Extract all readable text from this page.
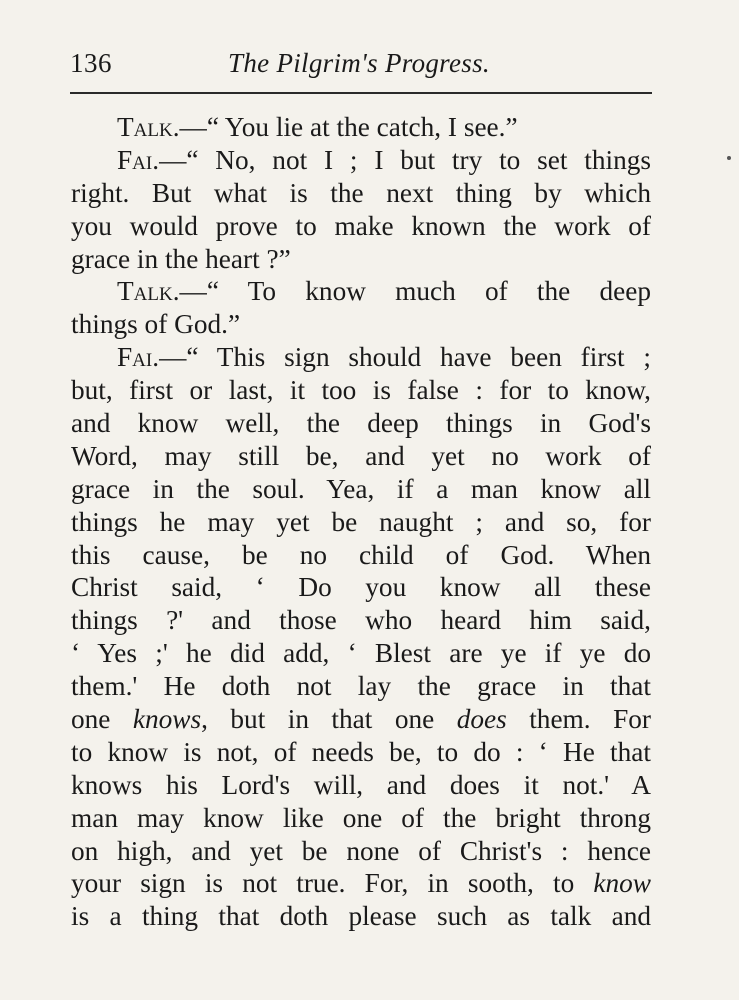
136	The Pilgrim's Progress.
Talk.—“ You lie at the catch, I see.”
Fai.—“ No, not I ; I but try to set things
right. But what is the next thing by which
you would prove to make known the work of
grace in the heart ?”
Talk.—“ To know much of the deep
things of God.”
Fai.—“ This sign should have been first ;
but, first or last, it too is false : for to know,
and know well, the deep things in God's
Word, may still be, and yet no work of
grace in the soul. Yea, if a man know all
things he may yet be naught ; and so, for
this cause, be no child of God. When
Christ said, ‘ Do you know all these
things ?' and those who heard him said,
‘ Yes ;' he did add, ‘ Blest are ye if ye do
them.' He doth not lay the grace in that
one knows, but in that one does them. For
to know is not, of needs be, to do : ‘ He that
knows his Lord's will, and does it not.' A
man may know like one of the bright throng
on high, and yet be none of Christ's : hence
your sign is not true. For, in sooth, to know
is a thing that doth please such as talk and
